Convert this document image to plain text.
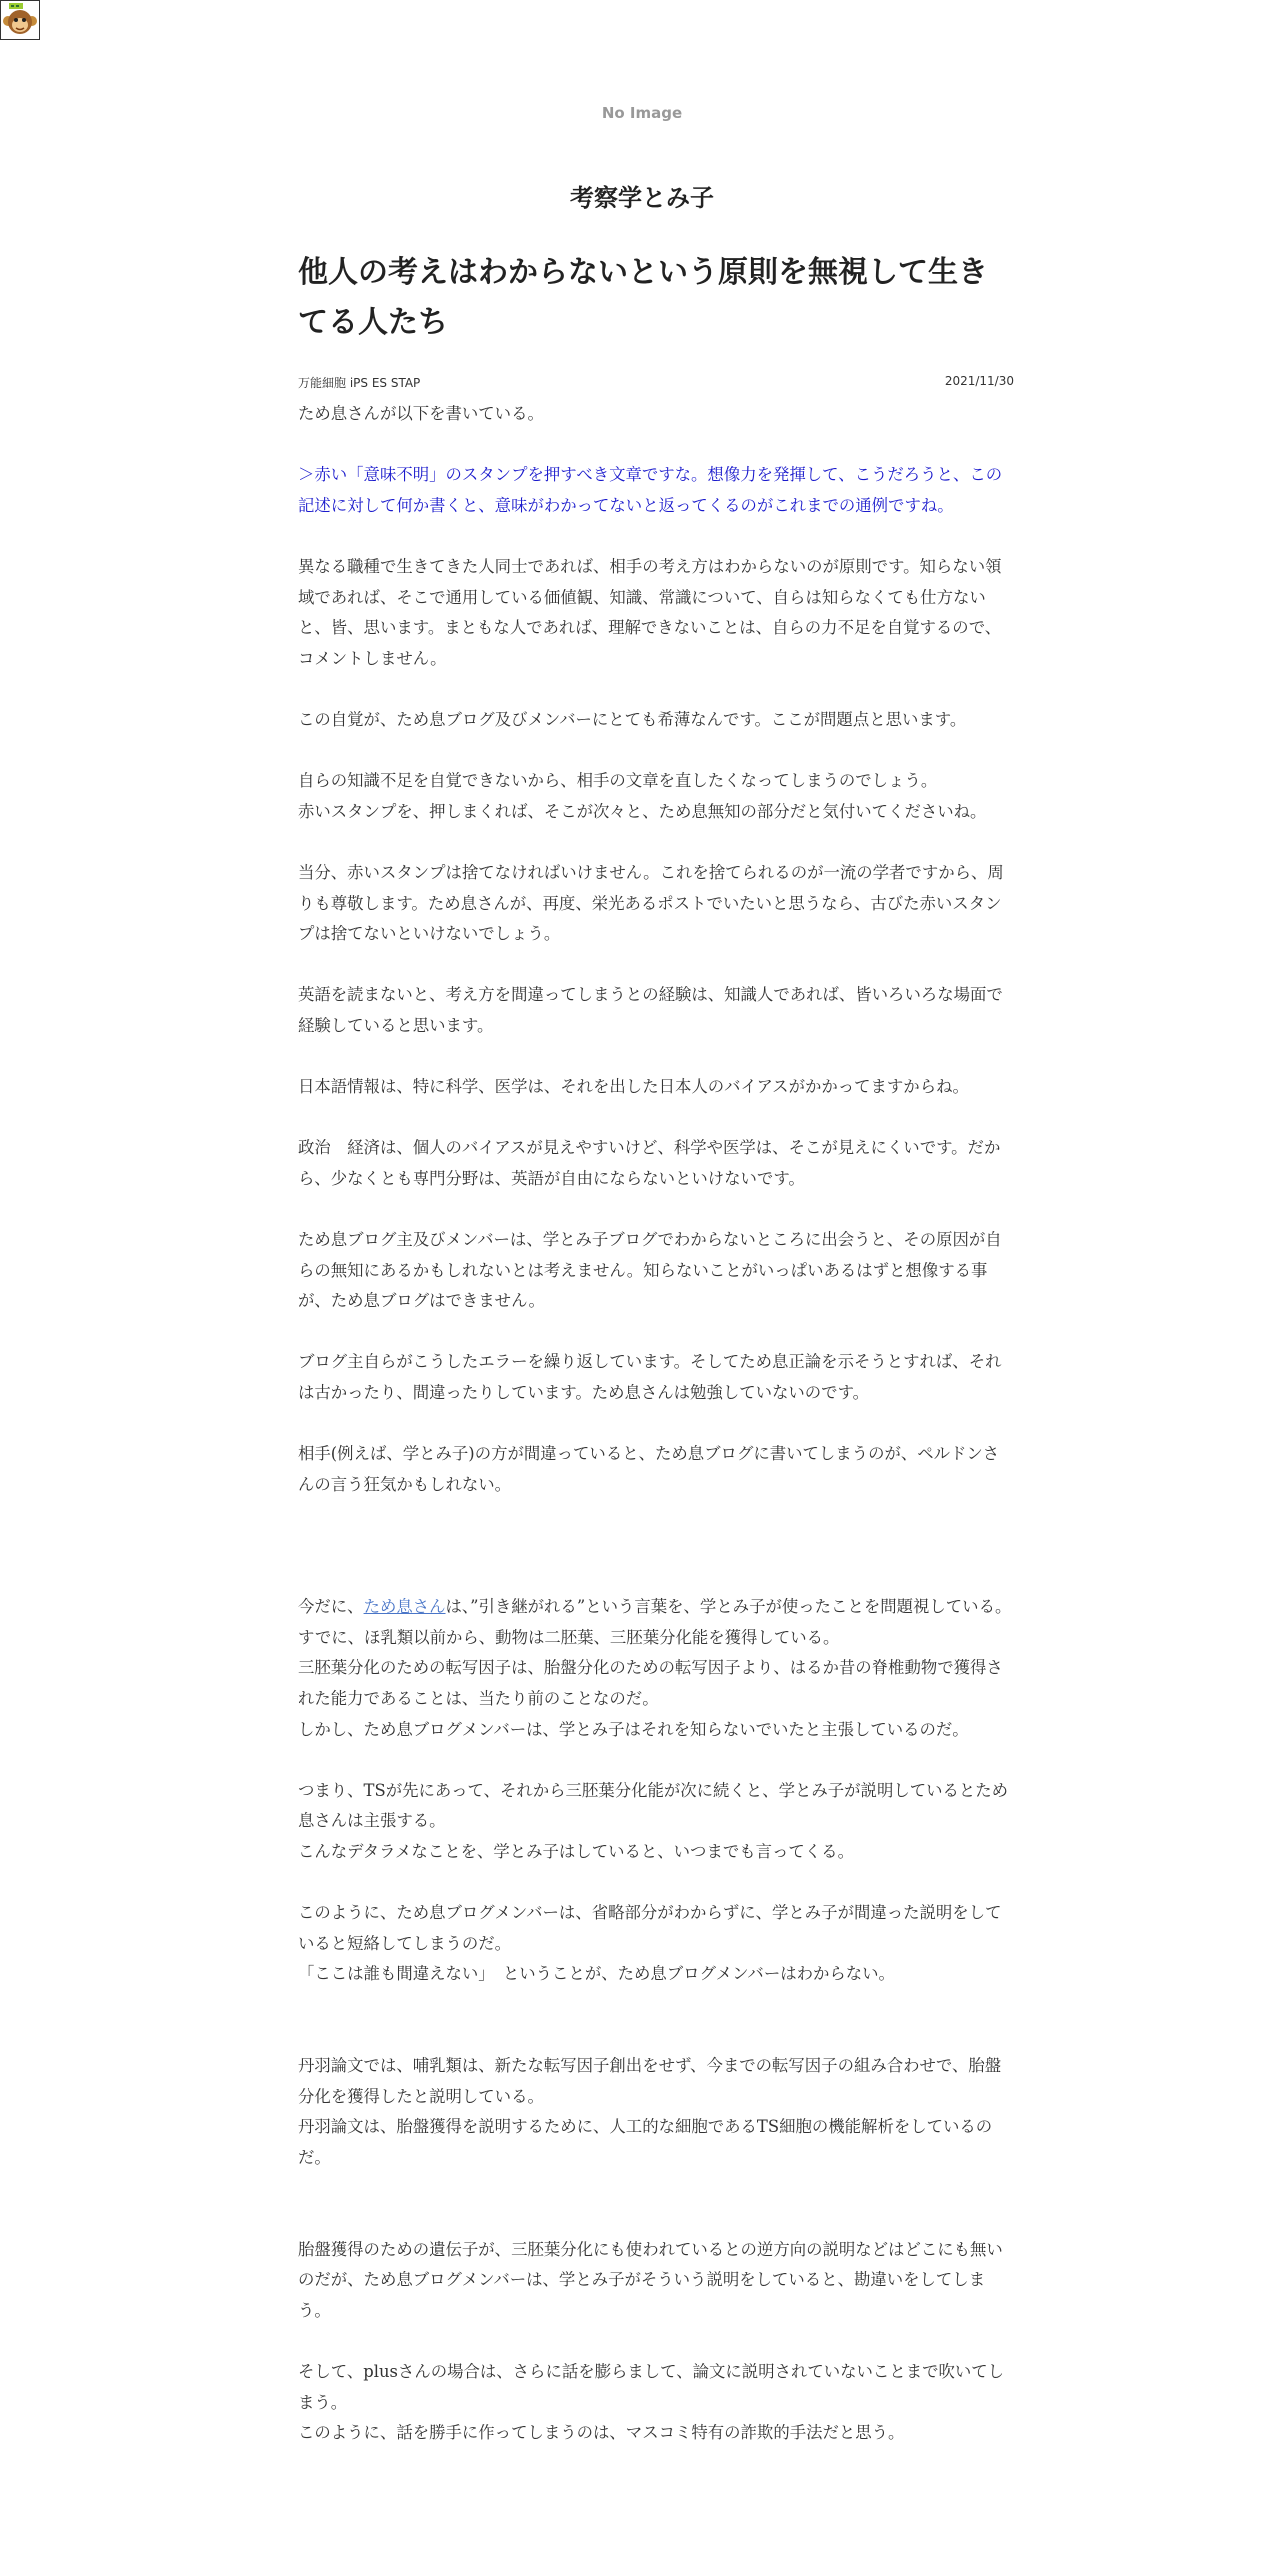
No Image
考察学とみ子
他人の考えはわからないという原則を無視して生きてる人たち
万能細胞 iPS ES STAP	2021/11/30

ため息さんが以下を書いている。

＞赤い「意味不明」のスタンプを押すべき文章ですな。想像力を発揮して、こうだろうと、この記述に対して何か書くと、意味がわかってないと返ってくるのがこれまでの通例ですね。

異なる職種で生きてきた人同士であれば、相手の考え方はわからないのが原則です。知らない領域であれば、そこで通用している価値観、知識、常識について、自らは知らなくても仕方ないと、皆、思います。まともな人であれば、理解できないことは、自らの力不足を自覚するので、コメントしません。

この自覚が、ため息ブログ及びメンバーにとても希薄なんです。ここが問題点と思います。

自らの知識不足を自覚できないから、相手の文章を直したくなってしまうのでしょう。

赤いスタンプを、押しまくれば、そこが次々と、ため息無知の部分だと気付いてくださいね。

当分、赤いスタンプは捨てなければいけません。これを捨てられるのが一流の学者ですから、周りも尊敬します。ため息さんが、再度、栄光あるポストでいたいと思うなら、古びた赤いスタンプは捨てないといけないでしょう。

英語を読まないと、考え方を間違ってしまうとの経験は、知識人であれば、皆いろいろな場面で経験していると思います。

日本語情報は、特に科学、医学は、それを出した日本人のバイアスがかかってますからね。

政治　経済は、個人のバイアスが見えやすいけど、科学や医学は、そこが見えにくいです。だから、少なくとも専門分野は、英語が自由にならないといけないです。

ため息ブログ主及びメンバーは、学とみ子ブログでわからないところに出会うと、その原因が自らの無知にあるかもしれないとは考えません。知らないことがいっぱいあるはずと想像する事が、ため息ブログはできません。

ブログ主自らがこうしたエラーを繰り返しています。そしてため息正論を示そうとすれば、それは古かったり、間違ったりしています。ため息さんは勉強していないのです。

相手(例えば、学とみ子)の方が間違っていると、ため息ブログに書いてしまうのが、ペルドンさんの言う狂気かもしれない。

今だに、ため息さんは、”引き継がれる”という言葉を、学とみ子が使ったことを問題視している。

すでに、ほ乳類以前から、動物は二胚葉、三胚葉分化能を獲得している。

三胚葉分化のための転写因子は、胎盤分化のための転写因子より、はるか昔の脊椎動物で獲得された能力であることは、当たり前のことなのだ。

しかし、ため息ブログメンバーは、学とみ子はそれを知らないでいたと主張しているのだ。

つまり、TSが先にあって、それから三胚葉分化能が次に続くと、学とみ子が説明しているとため息さんは主張する。

こんなデタラメなことを、学とみ子はしていると、いつまでも言ってくる。

このように、ため息ブログメンバーは、省略部分がわからずに、学とみ子が間違った説明をしていると短絡してしまうのだ。

「ここは誰も間違えない」　ということが、ため息ブログメンバーはわからない。

丹羽論文では、哺乳類は、新たな転写因子創出をせず、今までの転写因子の組み合わせで、胎盤分化を獲得したと説明している。

丹羽論文は、胎盤獲得を説明するために、人工的な細胞であるTS細胞の機能解析をしているのだ。

胎盤獲得のための遺伝子が、三胚葉分化にも使われているとの逆方向の説明などはどこにも無いのだが、ため息ブログメンバーは、学とみ子がそういう説明をしていると、勘違いをしてしまう。

そして、plusさんの場合は、さらに話を膨らまして、論文に説明されていないことまで吹いてしまう。

このように、話を勝手に作ってしまうのは、マスコミ特有の詐欺的手法だと思う。
